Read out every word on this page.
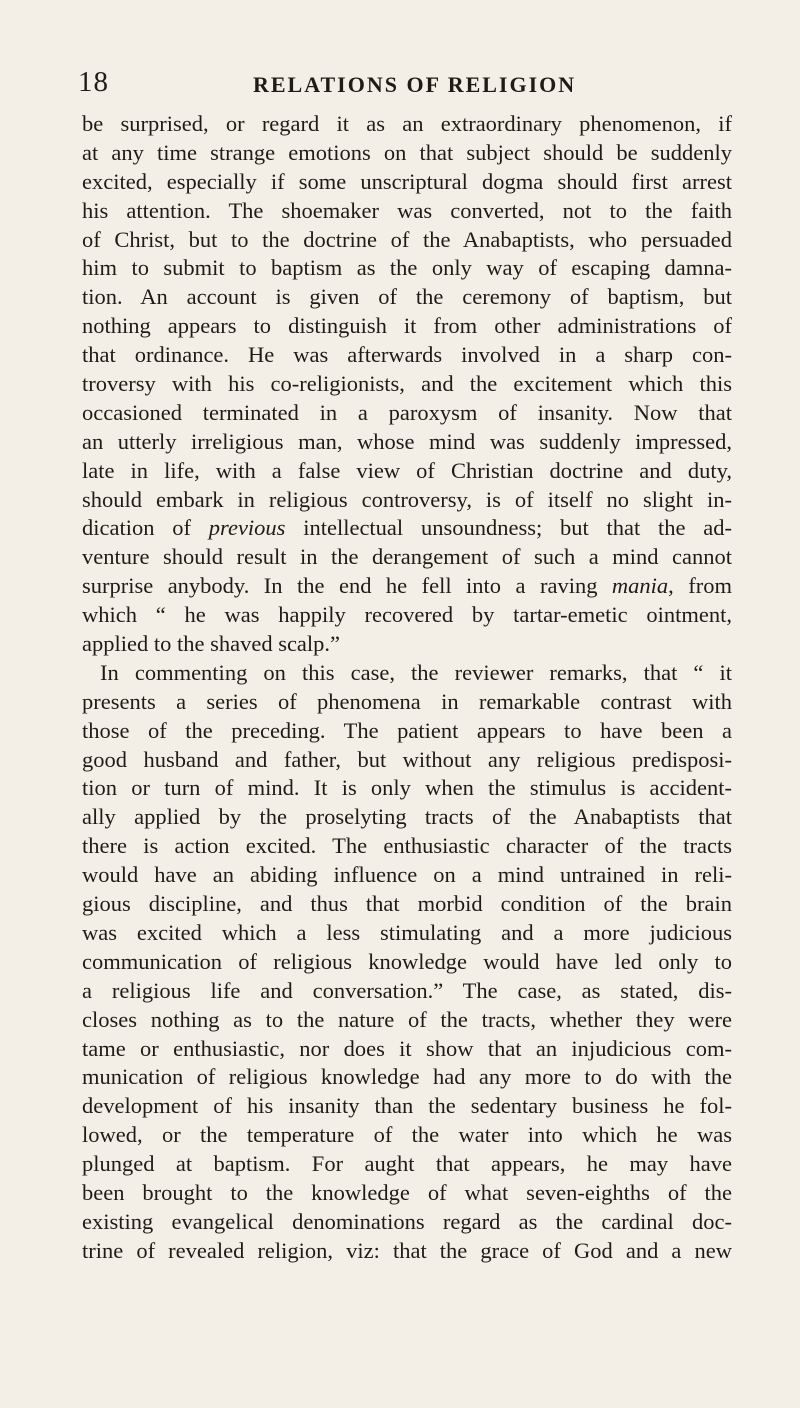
18	RELATIONS OF RELIGION
be surprised, or regard it as an extraordinary phenomenon, if
at any time strange emotions on that subject should be suddenly
excited, especially if some unscriptural dogma should first arrest
his attention. The shoemaker was converted, not to the faith
of Christ, but to the doctrine of the Anabaptists, who persuaded
him to submit to baptism as the only way of escaping damna-
tion. An account is given of the ceremony of baptism, but
nothing appears to distinguish it from other administrations of
that ordinance. He was afterwards involved in a sharp con-
troversy with his co-religionists, and the excitement which this
occasioned terminated in a paroxysm of insanity. Now that
an utterly irreligious man, whose mind was suddenly impressed,
late in life, with a false view of Christian doctrine and duty,
should embark in religious controversy, is of itself no slight in-
dication of previous intellectual unsoundness; but that the ad-
venture should result in the derangement of such a mind cannot
surprise anybody. In the end he fell into a raving mania, from
which “ he was happily recovered by tartar-emetic ointment,
applied to the shaved scalp.”
In commenting on this case, the reviewer remarks, that “ it
presents a series of phenomena in remarkable contrast with
those of the preceding. The patient appears to have been a
good husband and father, but without any religious predisposi-
tion or turn of mind. It is only when the stimulus is accident-
ally applied by the proselyting tracts of the Anabaptists that
there is action excited. The enthusiastic character of the tracts
would have an abiding influence on a mind untrained in reli-
gious discipline, and thus that morbid condition of the brain
was excited which a less stimulating and a more judicious
communication of religious knowledge would have led only to
a religious life and conversation.” The case, as stated, dis-
closes nothing as to the nature of the tracts, whether they were
tame or enthusiastic, nor does it show that an injudicious com-
munication of religious knowledge had any more to do with the
development of his insanity than the sedentary business he fol-
lowed, or the temperature of the water into which he was
plunged at baptism. For aught that appears, he may have
been brought to the knowledge of what seven-eighths of the
existing evangelical denominations regard as the cardinal doc-
trine of revealed religion, viz: that the grace of God and a new
